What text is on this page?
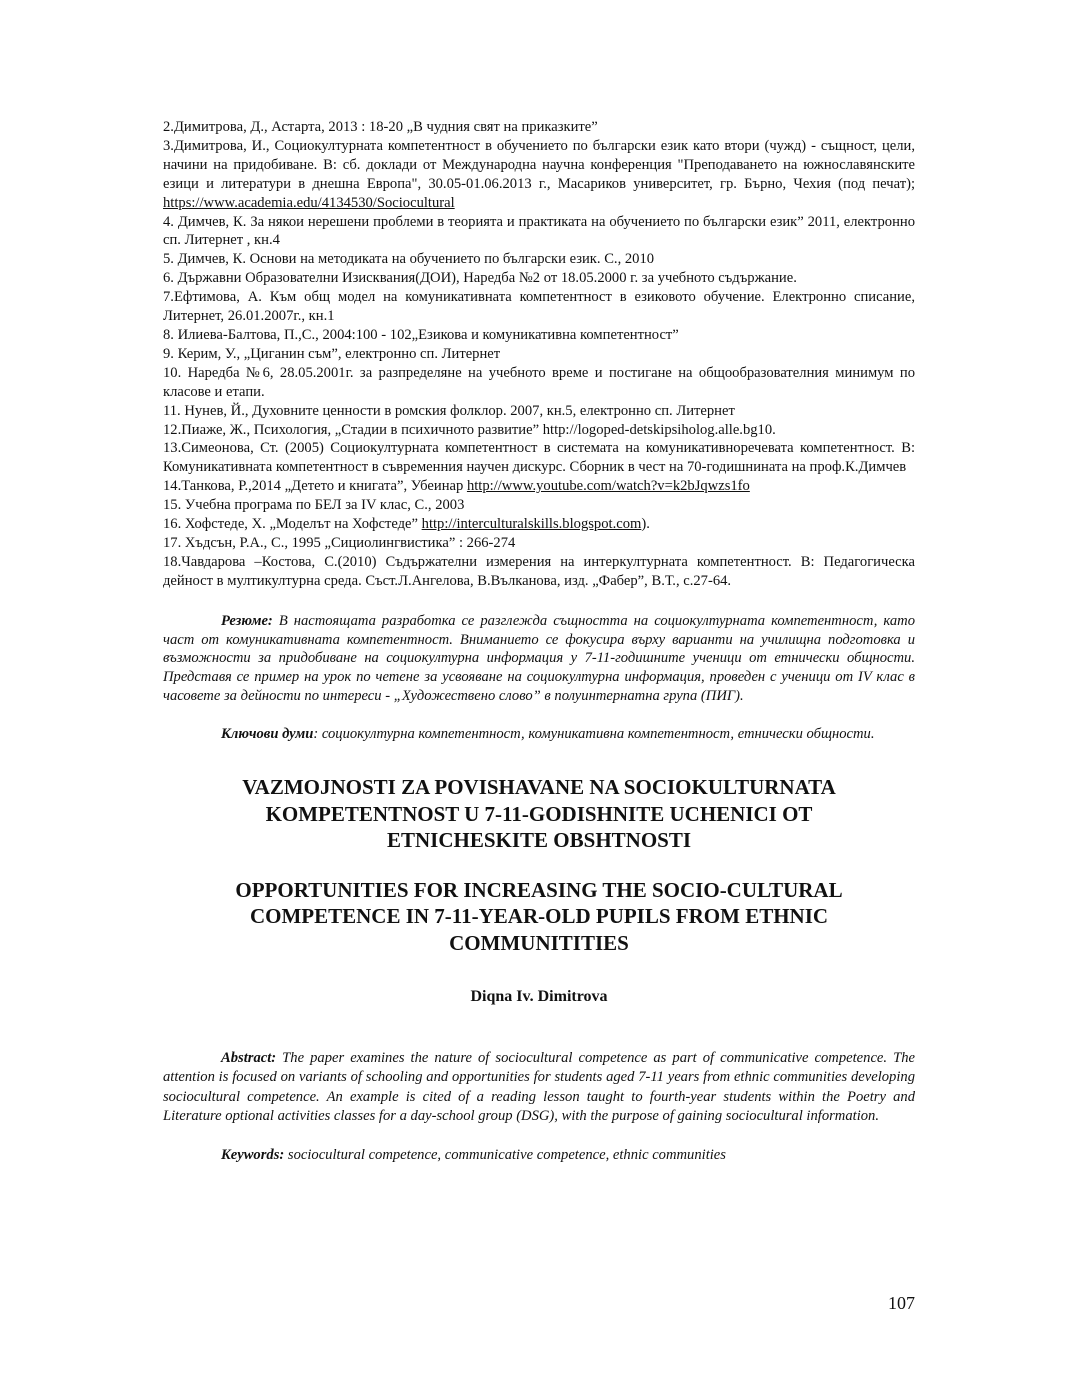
2.Димитрова, Д., Астарта, 2013 : 18-20 „В чудния свят на приказките”

3.Димитрова, И., Социокултурната компетентност в обучението по български език като втори (чужд) - същност, цели, начини на придобиване. В: сб. доклади от Международна научна конференция "Преподаването на южнославянските езици и литератури в днешна Европа", 30.05-01.06.2013 г., Масариков университет, гр. Бърно, Чехия (под печат); https://www.academia.edu/4134530/Sociocultural

4. Димчев, К. За някои нерешени проблеми в теорията и практиката на обучението по български език” 2011, електронно сп. Литернет , кн.4

5. Димчев, К. Основи на методиката на обучението по български език. С., 2010

6. Държавни Образователни Изисквания(ДОИ), Наредба №2 от 18.05.2000 г. за учебното съдържание.

7.Ефтимова, А. Към общ модел на комуникативната компетентност в езиковото обучение. Електронно списание, Литернет, 26.01.2007г., кн.1

8. Илиева-Балтова, П.,С., 2004:100 - 102„Езикова и комуникативна компетентност”

9. Керим, У., „Циганин съм”, електронно сп. Литернет

10. Наредба №6, 28.05.2001г. за разпределяне на учебното време и постигане на общообразователния минимум по класове и етапи.

11. Нунев, Й., Духовните ценности в ромския фолклор. 2007, кн.5, електронно сп. Литернет

12.Пиаже, Ж., Психология, „Стадии в психичното развитие” http://logoped-detskipsiholog.alle.bg10.

13.Симеонова, Ст. (2005) Социокултурната компетентност в системата на комуникативноречевата компетентност. В: Комуникативната компетентност в съвременния научен дискурс. Сборник в чест на 70-годишнината на проф.К.Димчев

14.Танкова, Р.,2014 „Детето и книгата”, Убеинар http://www.youtube.com/watch?v=k2bJqwzs1fo

15. Учебна програма по БЕЛ за ІV клас, С., 2003

16. Хофстеде, Х. „Моделът на Хофстеде” http://interculturalskills.blogspot.com).

17. Хъдсън, Р.А., С., 1995 „Сициолингвистика” : 266-274

18.Чавдарова –Костова, С.(2010) Съдържателни измерения на интеркултурната компетентност. В: Педагогическа дейност в мултикултурна среда. Съст.Л.Ангелова, В.Вълканова, изд. „Фабер”, В.Т., с.27-64.

Резюме: В настоящата разработка се разглежда същността на социокултурната компетентност, като част от комуникативната компетентност. Вниманието се фокусира върху варианти на училищна подготовка и възможности за придобиване на социокултурна информация у 7-11-годишните ученици от етнически общности. Представя се пример на урок по четене за усвояване на социокултурна информация, проведен с ученици от ІV клас в часовете за дейности по интереси - „Художествено слово” в полуинтернатна група (ПИГ).

Ключови думи: социокултурна компетентност, комуникативна компетентност, етнически общности.

VAZMOJNOSTI ZA POVISHAVANE NA SOCIOKULTURNATA
KOMPETENTNOST U 7-11-GODISHNITE UCHENICI OT
ETNICHESKITE OBSHTNOSTI
OPPORTUNITIES FOR INCREASING THE SOCIO-CULTURAL
COMPETENCE IN 7-11-YEAR-OLD PUPILS FROM ETHNIC
COMMUNITITIES
Diqna Iv. Dimitrova

Abstract: The paper examines the nature of sociocultural competence as part of communicative competence. The attention is focused on variants of schooling and opportunities for students aged 7-11 years from ethnic communities developing sociocultural competence. An example is cited of a reading lesson taught to fourth-year students within the Poetry and Literature optional activities classes for a day-school group (DSG), with the purpose of gaining sociocultural information.

Keywords: sociocultural competence, communicative competence, ethnic communities

107
